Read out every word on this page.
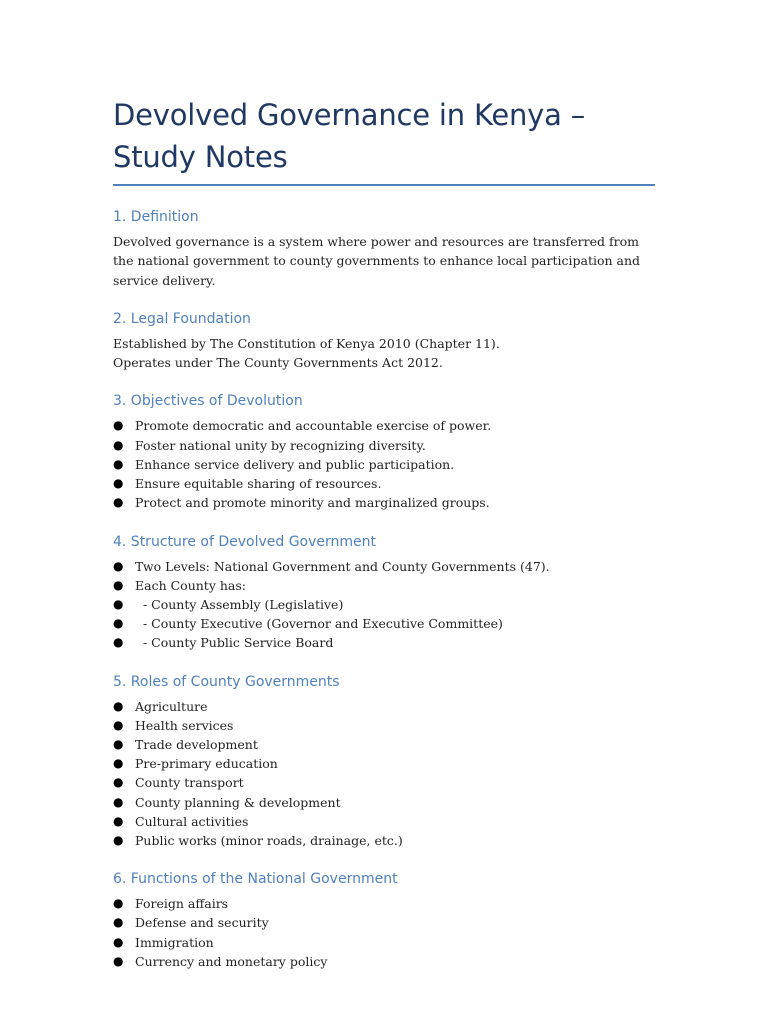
Devolved Governance in Kenya – Study Notes
1. Definition

Devolved governance is a system where power and resources are transferred from the national government to county governments to enhance local participation and service delivery.

2. Legal Foundation

Established by The Constitution of Kenya 2010 (Chapter 11).

Operates under The County Governments Act 2012.

3. Objectives of Devolution
● Promote democratic and accountable exercise of power.
● Foster national unity by recognizing diversity.
● Enhance service delivery and public participation.
● Ensure equitable sharing of resources.
● Protect and promote minority and marginalized groups.
4. Structure of Devolved Government
● Two Levels: National Government and County Governments (47).
● Each County has:
● - County Assembly (Legislative)
● - County Executive (Governor and Executive Committee)
● - County Public Service Board
5. Roles of County Governments
● Agriculture
● Health services
● Trade development
● Pre-primary education
● County transport
● County planning & development
● Cultural activities
● Public works (minor roads, drainage, etc.)
6. Functions of the National Government
● Foreign affairs
● Defense and security
● Immigration
● Currency and monetary policy
